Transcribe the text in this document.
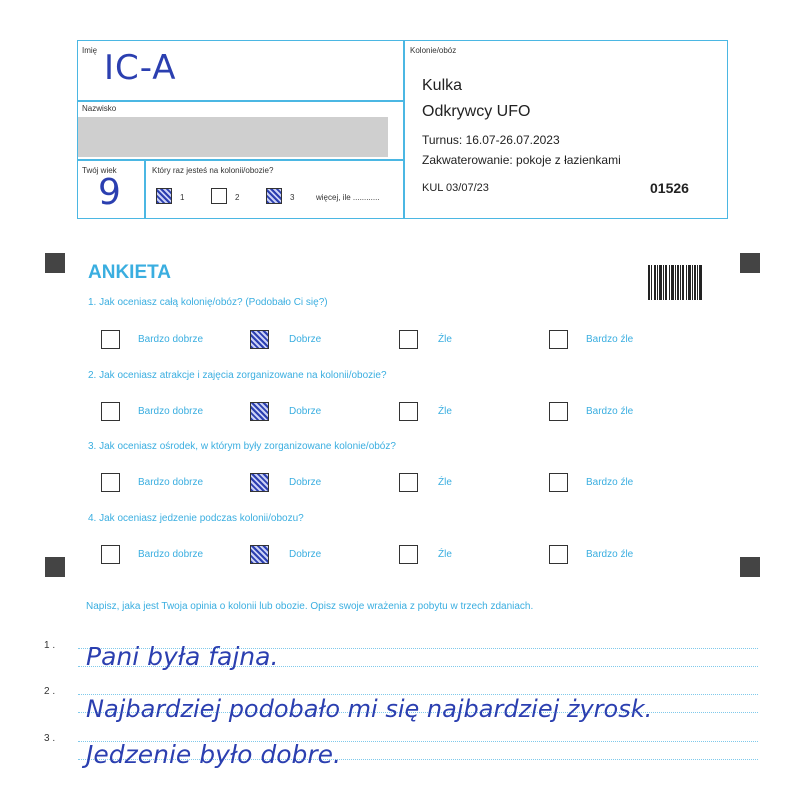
Imię IC-A
Nazwisko
Twój wiek
9
Który raz jesteś na kolonii/obozie?
1	2	3	więcej, ile ............
Kolonie/obóz
Kulka
Odkrywcy UFO
Turnus: 16.07-26.07.2023
Zakwaterowanie: pokoje z łazienkami
KUL 03/07/23	01526
ANKIETA
1. Jak oceniasz całą kolonię/obóz? (Podobało Ci się?)
Bardzo dobrze	Dobrze	Źle	Bardzo źle
2. Jak oceniasz atrakcje i zajęcia zorganizowane na kolonii/obozie?
Bardzo dobrze	Dobrze	Źle	Bardzo źle
3. Jak oceniasz ośrodek, w którym były zorganizowane kolonie/obóz?
Bardzo dobrze	Dobrze	Źle	Bardzo źle
4. Jak oceniasz jedzenie podczas kolonii/obozu?
Bardzo dobrze	Dobrze	Źle	Bardzo źle
Napisz, jaka jest Twoja opinia o kolonii lub obozie. Opisz swoje wrażenia z pobytu w trzech zdaniach.
1 . Pani była fajna.
2 .
Najbardziej podobało mi się najbardziej żyrosk.
3 .
Jedzenie było dobre.
